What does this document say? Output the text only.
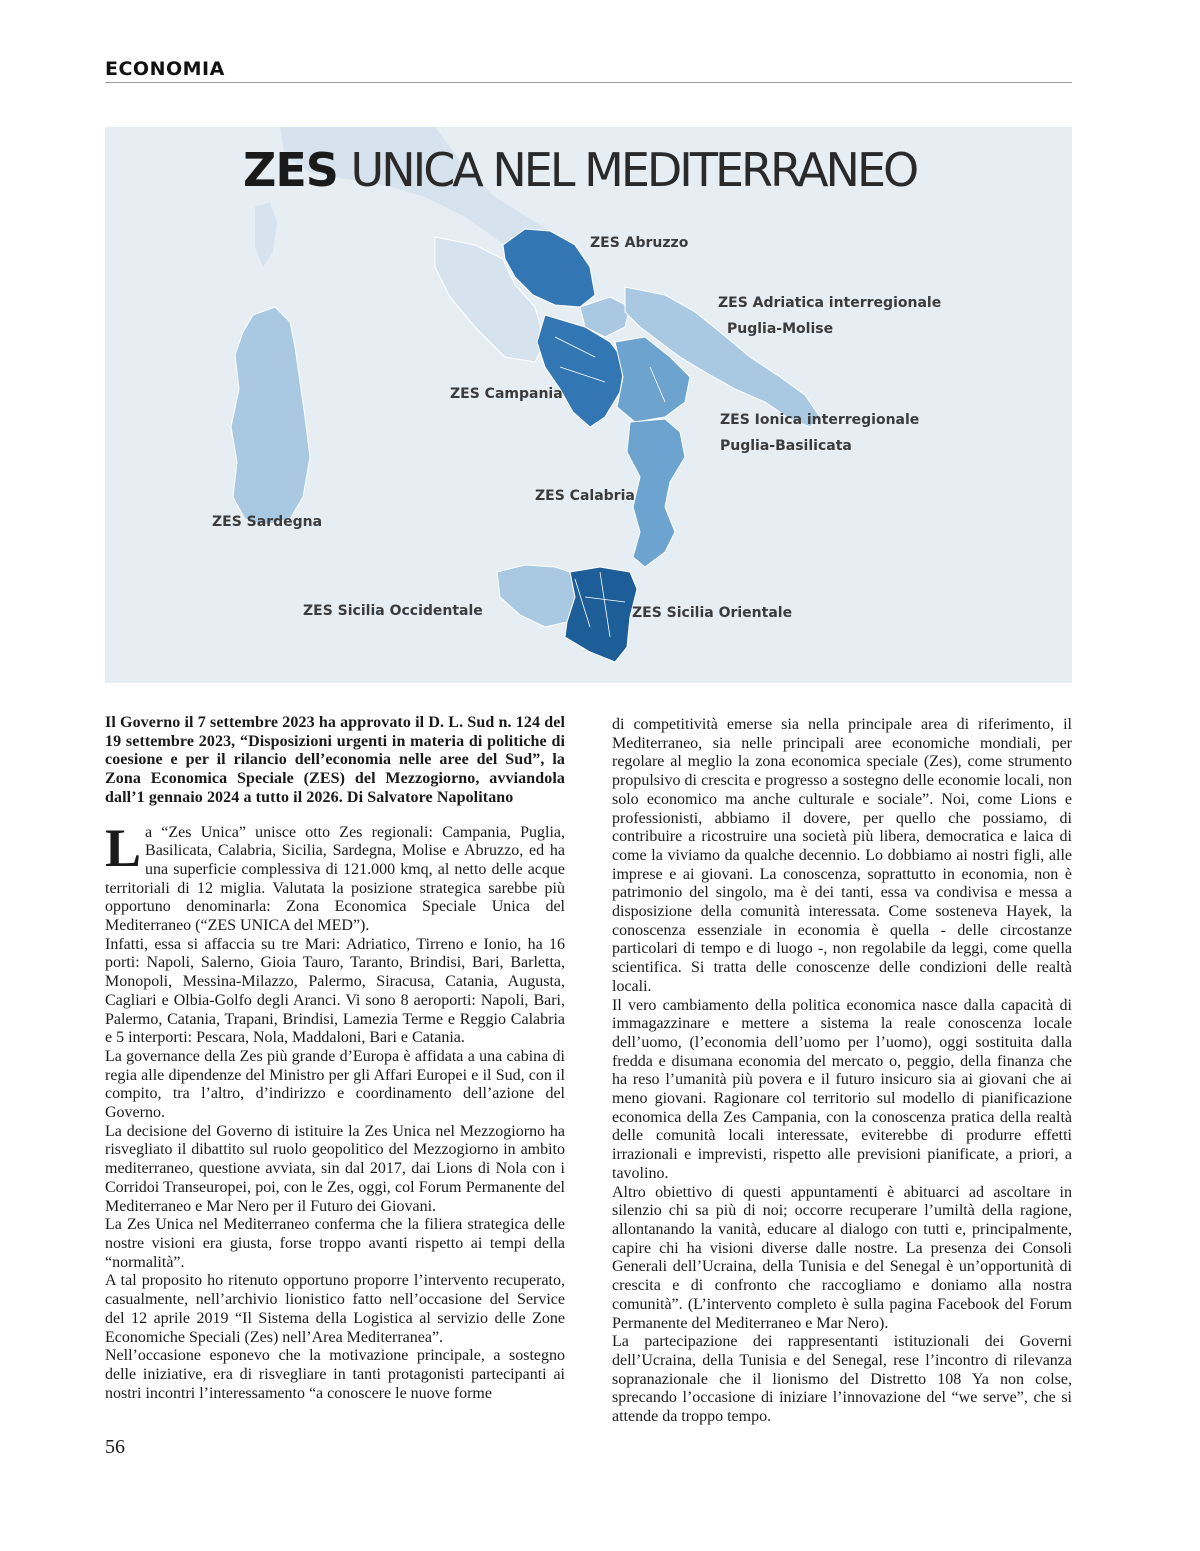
ECONOMIA
ZES UNICA NEL MEDITERRANEO
ZES Abruzzo
ZES Adriatica interregionale
Puglia-Molise
ZES Campania
ZES Ionica interregionale
Puglia-Basilicata
ZES Calabria
ZES Sardegna
ZES Sicilia Occidentale	ZES Sicilia Orientale

Il Governo il 7 settembre 2023 ha approvato il D. L. Sud n. 124 del 19 settembre 2023, “Disposizioni urgenti in materia di politiche di coesione e per il rilancio dell’economia nelle aree del Sud”, la Zona Economica Speciale (ZES) del Mezzogiorno, avviandola dall’1 gennaio 2024 a tutto il 2026. Di Salvatore Napolitano

La “Zes Unica” unisce otto Zes regionali: Campania, Puglia, Basilicata, Calabria, Sicilia, Sardegna, Molise e Abruzzo, ed ha una superficie complessiva di 121.000 kmq, al netto delle acque territoriali di 12 miglia. Valutata la posizione strategica sarebbe più opportuno denominarla: Zona Economica Speciale Unica del Mediterraneo (“ZES UNICA del MED”).

Infatti, essa si affaccia su tre Mari: Adriatico, Tirreno e Ionio, ha 16 porti: Napoli, Salerno, Gioia Tauro, Taranto, Brindisi, Bari, Barletta, Monopoli, Messina-Milazzo, Palermo, Siracusa, Catania, Augusta, Cagliari e Olbia-Golfo degli Aranci. Vi sono 8 aeroporti: Napoli, Bari, Palermo, Catania, Trapani, Brindisi, Lamezia Terme e Reggio Calabria e 5 interporti: Pescara, Nola, Maddaloni, Bari e Catania.

La governance della Zes più grande d’Europa è affidata a una cabina di regia alle dipendenze del Ministro per gli Affari Europei e il Sud, con il compito, tra l’altro, d’indirizzo e coordinamento dell’azione del Governo.

La decisione del Governo di istituire la Zes Unica nel Mezzogiorno ha risvegliato il dibattito sul ruolo geopolitico del Mezzogiorno in ambito mediterraneo, questione avviata, sin dal 2017, dai Lions di Nola con i Corridoi Transeuropei, poi, con le Zes, oggi, col Forum Permanente del Mediterraneo e Mar Nero per il Futuro dei Giovani.

La Zes Unica nel Mediterraneo conferma che la filiera strategica delle nostre visioni era giusta, forse troppo avanti rispetto ai tempi della “normalità”.

A tal proposito ho ritenuto opportuno proporre l’intervento recuperato, casualmente, nell’archivio lionistico fatto nell’occasione del Service del 12 aprile 2019 “Il Sistema della Logistica al servizio delle Zone Economiche Speciali (Zes) nell’Area Mediterranea”.

Nell’occasione esponevo che la motivazione principale, a sostegno delle iniziative, era di risvegliare in tanti protagonisti partecipanti ai nostri incontri l’interessamento “a conoscere le nuove forme

di competitività emerse sia nella principale area di riferimento, il Mediterraneo, sia nelle principali aree economiche mondiali, per regolare al meglio la zona economica speciale (Zes), come strumento propulsivo di crescita e progresso a sostegno delle economie locali, non solo economico ma anche culturale e sociale”. Noi, come Lions e professionisti, abbiamo il dovere, per quello che possiamo, di contribuire a ricostruire una società più libera, democratica e laica di come la viviamo da qualche decennio. Lo dobbiamo ai nostri figli, alle imprese e ai giovani. La conoscenza, soprattutto in economia, non è patrimonio del singolo, ma è dei tanti, essa va condivisa e messa a disposizione della comunità interessata. Come sosteneva Hayek, la conoscenza essenziale in economia è quella - delle circostanze particolari di tempo e di luogo -, non regolabile da leggi, come quella scientifica. Si tratta delle conoscenze delle condizioni delle realtà locali.

Il vero cambiamento della politica economica nasce dalla capacità di immagazzinare e mettere a sistema la reale conoscenza locale dell’uomo, (l’economia dell’uomo per l’uomo), oggi sostituita dalla fredda e disumana economia del mercato o, peggio, della finanza che ha reso l’umanità più povera e il futuro insicuro sia ai giovani che ai meno giovani. Ragionare col territorio sul modello di pianificazione economica della Zes Campania, con la conoscenza pratica della realtà delle comunità locali interessate, eviterebbe di produrre effetti irrazionali e imprevisti, rispetto alle previsioni pianificate, a priori, a tavolino.

Altro obiettivo di questi appuntamenti è abituarci ad ascoltare in silenzio chi sa più di noi; occorre recuperare l’umiltà della ragione, allontanando la vanità, educare al dialogo con tutti e, principalmente, capire chi ha visioni diverse dalle nostre. La presenza dei Consoli Generali dell’Ucraina, della Tunisia e del Senegal è un’opportunità di crescita e di confronto che raccogliamo e doniamo alla nostra comunità”. (L’intervento completo è sulla pagina Facebook del Forum Permanente del Mediterraneo e Mar Nero).

La partecipazione dei rappresentanti istituzionali dei Governi dell’Ucraina, della Tunisia e del Senegal, rese l’incontro di rilevanza sopranazionale che il lionismo del Distretto 108 Ya non colse, sprecando l’occasione di iniziare l’innovazione del “we serve”, che si attende da troppo tempo.

56
